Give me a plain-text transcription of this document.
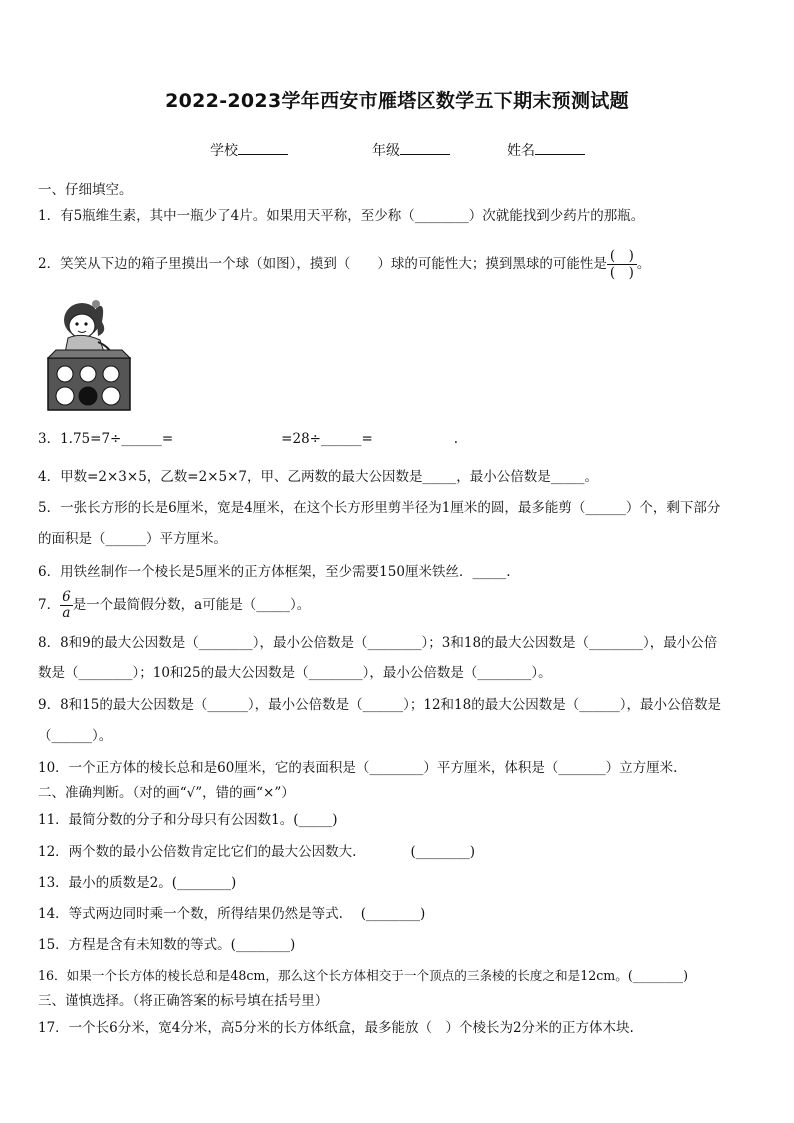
2022-2023学年西安市雁塔区数学五下期末预测试题
学校	年级	姓名
一、仔细填空。
1．有5瓶维生素，其中一瓶少了4片。如果用天平称，至少称（________）次就能找到少药片的那瓶。
2．笑笑从下边的箱子里摸出一个球（如图），摸到（　　）球的可能性大；摸到黑球的可能性是 $\frac{( )}{( )}$ 。
3．1.75=7÷______=　　　　　　　　=28÷______=　　　　　　.
4．甲数=2×3×5，乙数=2×5×7，甲、乙两数的最大公因数是_____，最小公倍数是_____。
5．一张长方形的长是6厘米，宽是4厘米，在这个长方形里剪半径为1厘米的圆，最多能剪（______）个，剩下部分
的面积是（______）平方厘米。
6．用铁丝制作一个棱长是5厘米的正方体框架，至少需要150厘米铁丝．_____.
7． $\frac{6}{a}$ 是一个最简假分数，a可能是（_____）。
8．8和9的最大公因数是（________），最小公倍数是（________）；3和18的最大公因数是（________），最小公倍
数是（________）；10和25的最大公因数是（________），最小公倍数是（________）。
9．8和15的最大公因数是（______），最小公倍数是（______）；12和18的最大公因数是（______），最小公倍数是
（______）。
10．一个正方体的棱长总和是60厘米，它的表面积是（________）平方厘米，体积是（_______）立方厘米.
二、准确判断。（对的画“√”，错的画“×”）
11．最简分数的分子和分母只有公因数1。(_____)
12．两个数的最小公倍数肯定比它们的最大公因数大.　　　　(________)
13．最小的质数是2。(________)
14．等式两边同时乘一个数，所得结果仍然是等式.　 (________)
15．方程是含有未知数的等式。(________)
16．如果一个长方体的棱长总和是48cm，那么这个长方体相交于一个顶点的三条棱的长度之和是12cm。(________)
三、谨慎选择。（将正确答案的标号填在括号里）
17．一个长6分米，宽4分米，高5分米的长方体纸盒，最多能放（　）个棱长为2分米的正方体木块.
